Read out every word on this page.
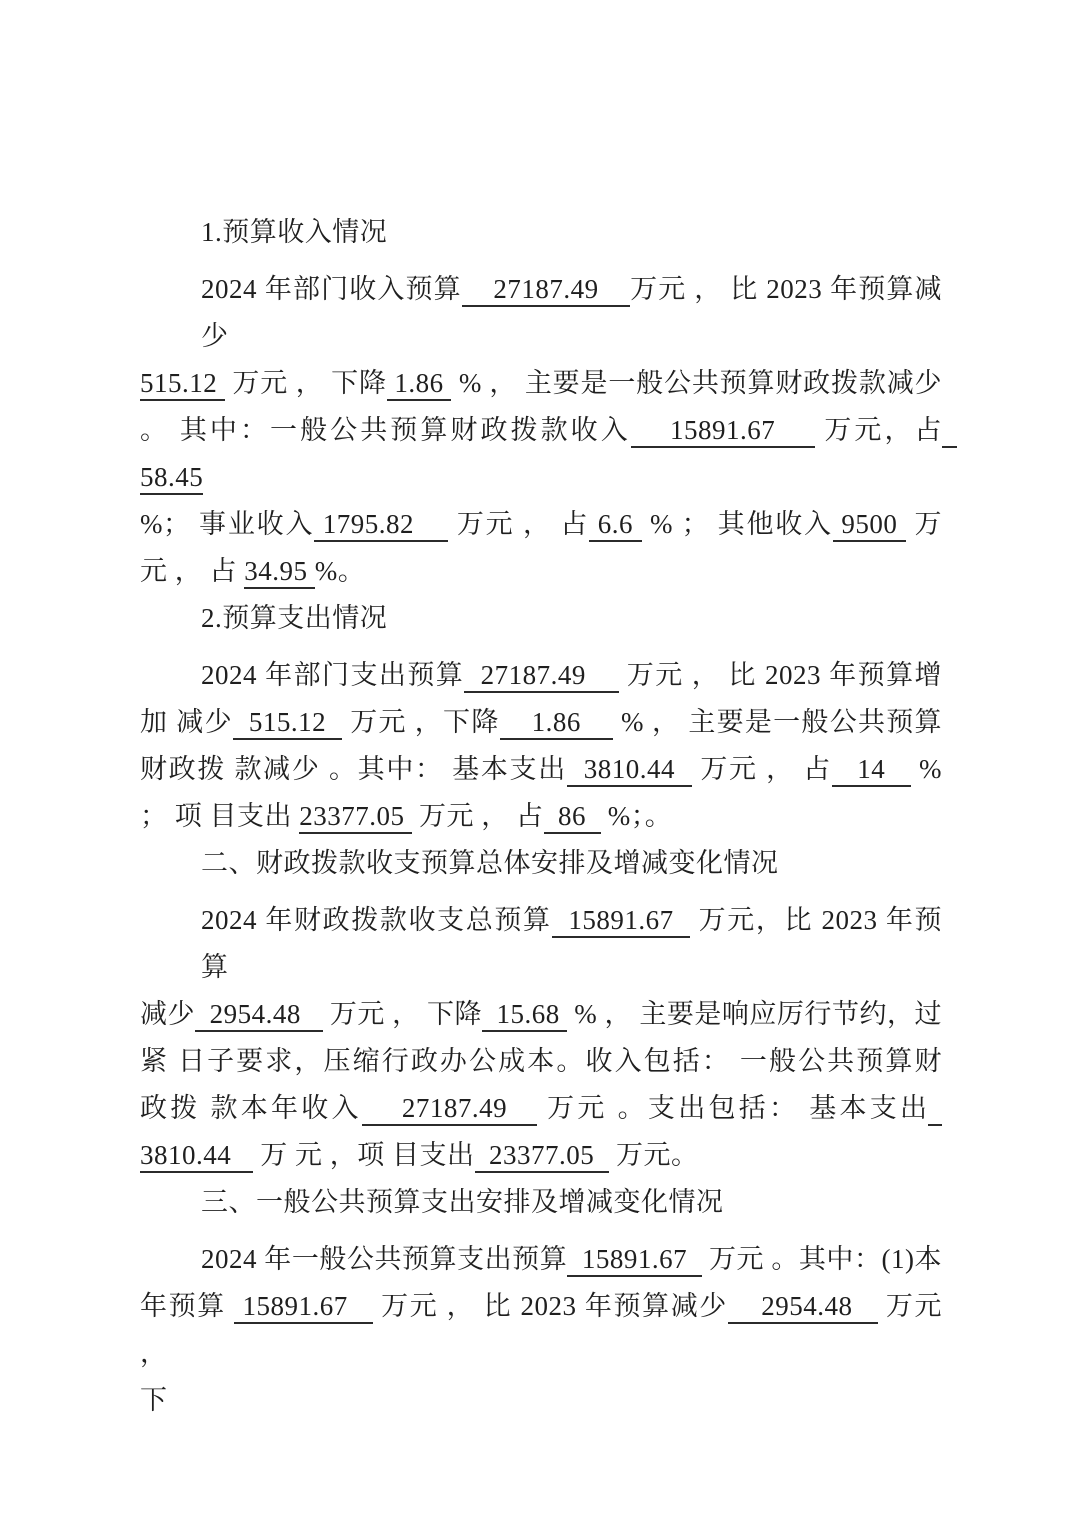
1.预算收入情况
2024 年部门收入预算    27187.49    万元 ， 比 2023 年预算减少
515.12  万元 ， 下降 1.86  % ， 主要是一般公共预算财政拨款减少
。 其中：一般公共预算财政拨款收入    15891.67     万元，占  58.45
%； 事业收入 1795.82     万元 ， 占 6.6  % ； 其他收入 9500  万
元 ， 占 34.95 %。
2.预算支出情况
2024 年部门支出预算  27187.49     万元 ， 比 2023 年预算增
加 减少  515.12   万元 ，下降    1.86     % ， 主要是一般公共预算
财政拨 款减少 。其中： 基本支出  3810.44   万元 ， 占   14    %
； 项 目支出 23377.05  万元 ， 占  86   %；。
二、财政拨款收支预算总体安排及增减变化情况
2024 年财政拨款收支总预算  15891.67   万元，比 2023 年预算
减少  2954.48    万元 ， 下降  15.68  % ， 主要是响应厉行节约，过
紧 日子要求，压缩行政办公成本。收入包括： 一般公共预算财
政拨 款本年收入    27187.49    万元 。支出包括： 基本支出
3810.44    万 元 ，项 目支出  23377.05   万元。
三、一般公共预算支出安排及增减变化情况
2024 年一般公共预算支出预算  15891.67   万元 。其中：(1)本
年预算  15891.67    万元 ， 比 2023 年预算减少    2954.48    万元 ，
下
